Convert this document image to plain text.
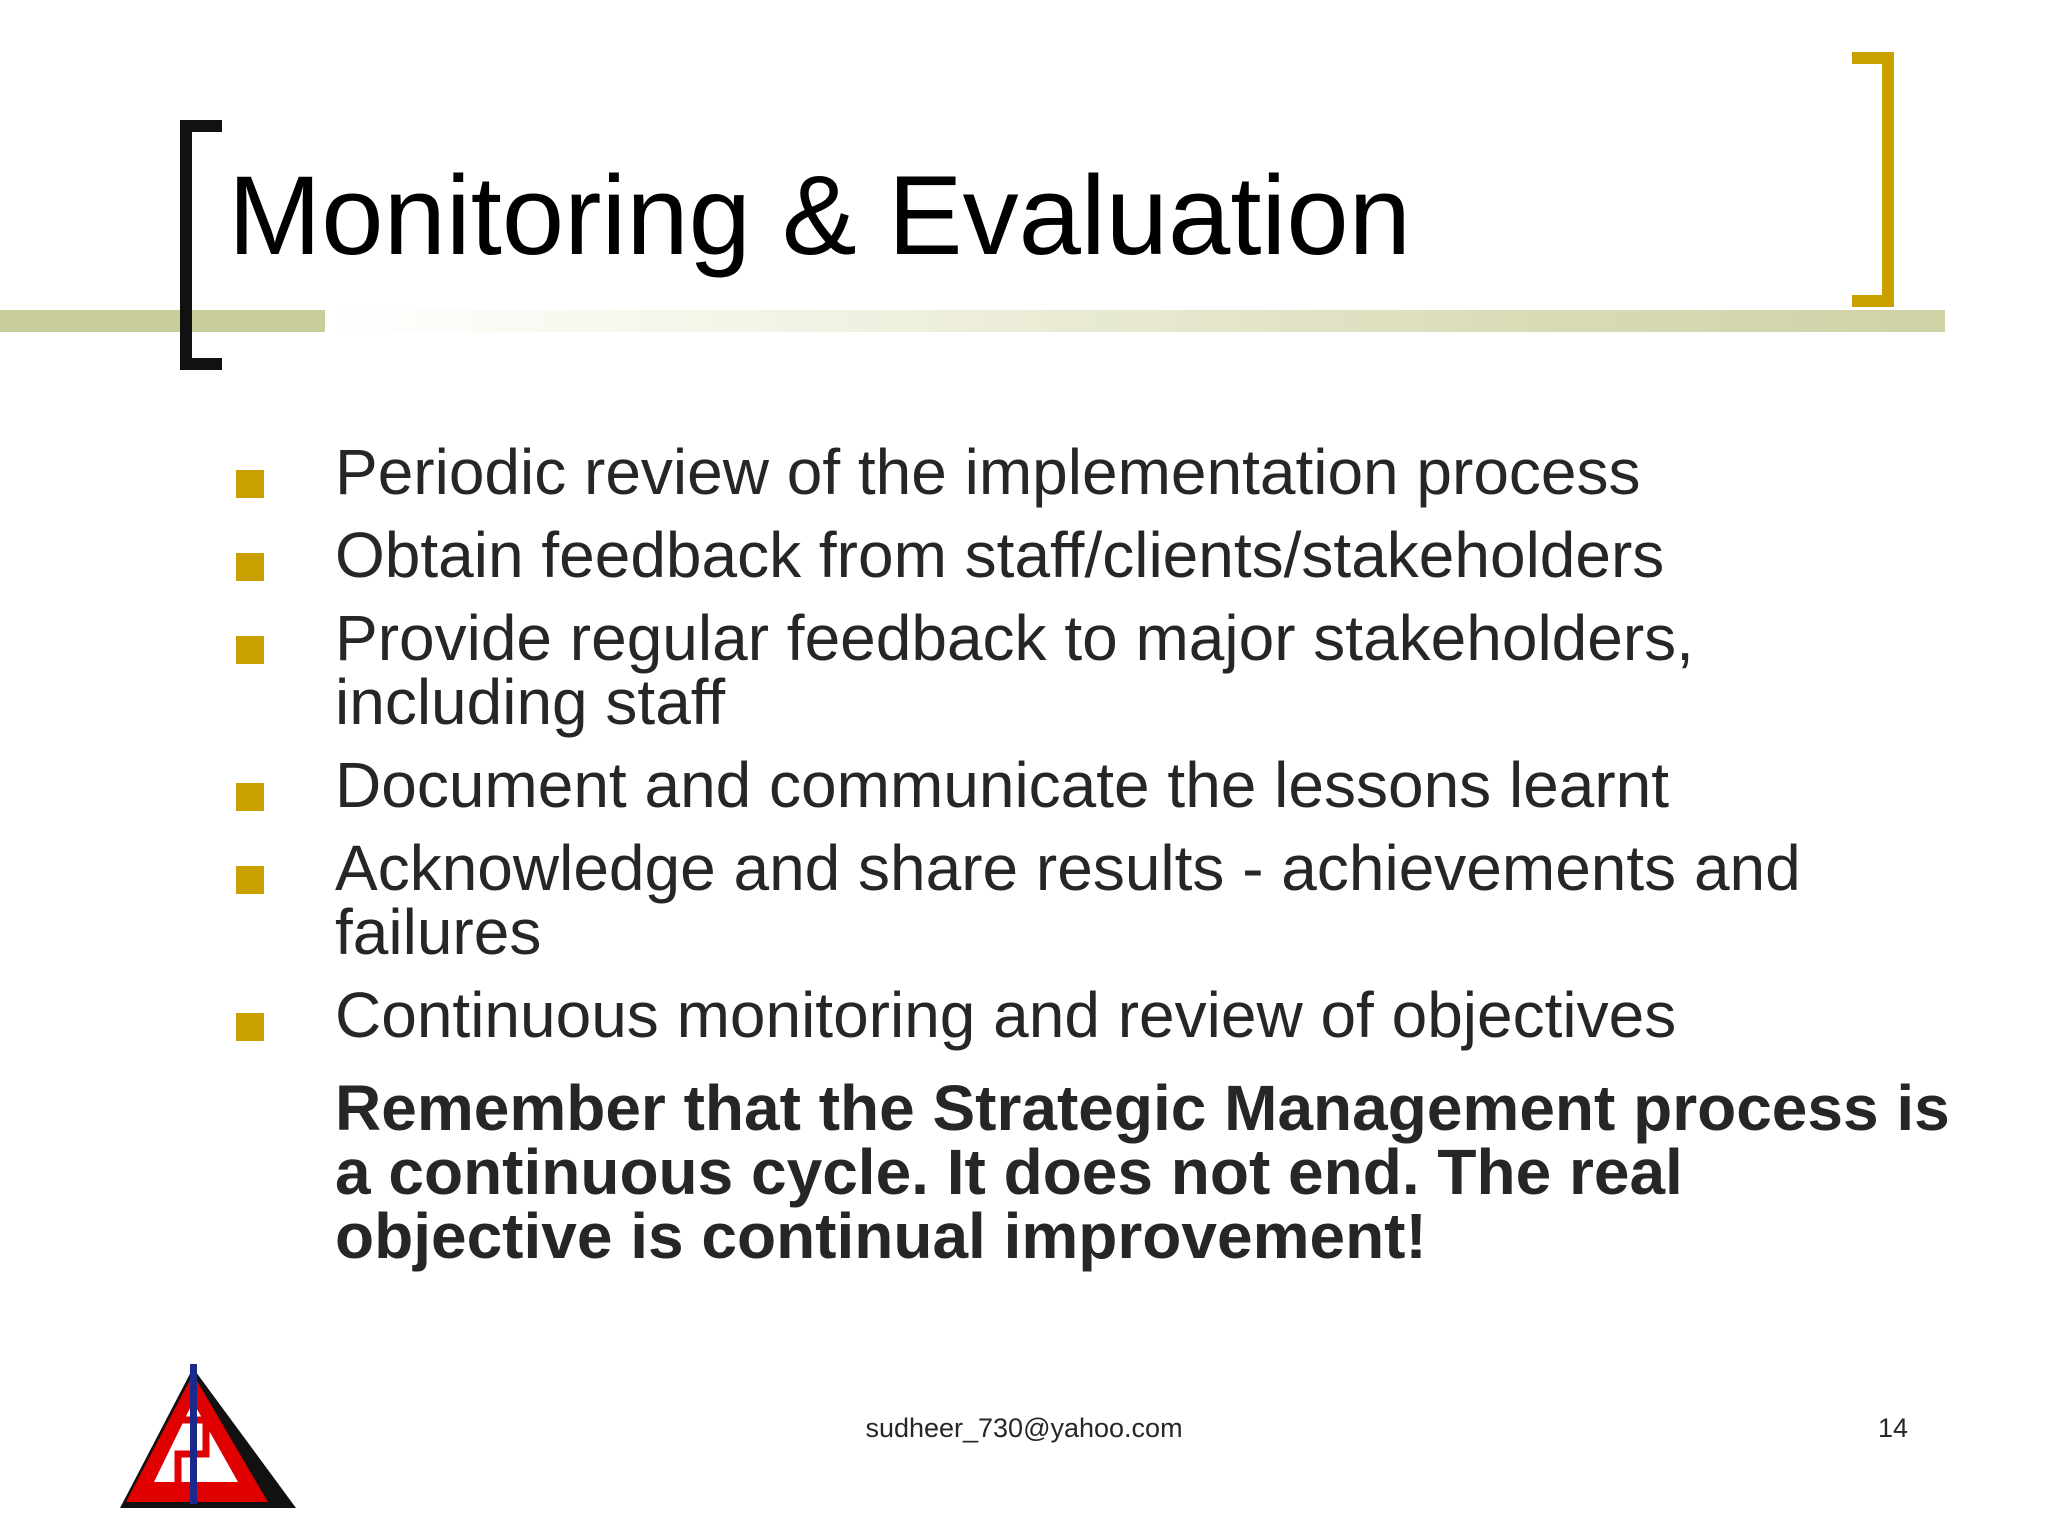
Monitoring & Evaluation
Periodic review of the implementation process
Obtain feedback from staff/clients/stakeholders
Provide regular feedback to major stakeholders, including staff
Document and communicate the lessons learnt
Acknowledge and share results - achievements and failures
Continuous monitoring and review of objectives

Remember that the Strategic Management process is a continuous cycle. It does not end. The real objective is continual improvement!

sudheer_730@yahoo.com	14
